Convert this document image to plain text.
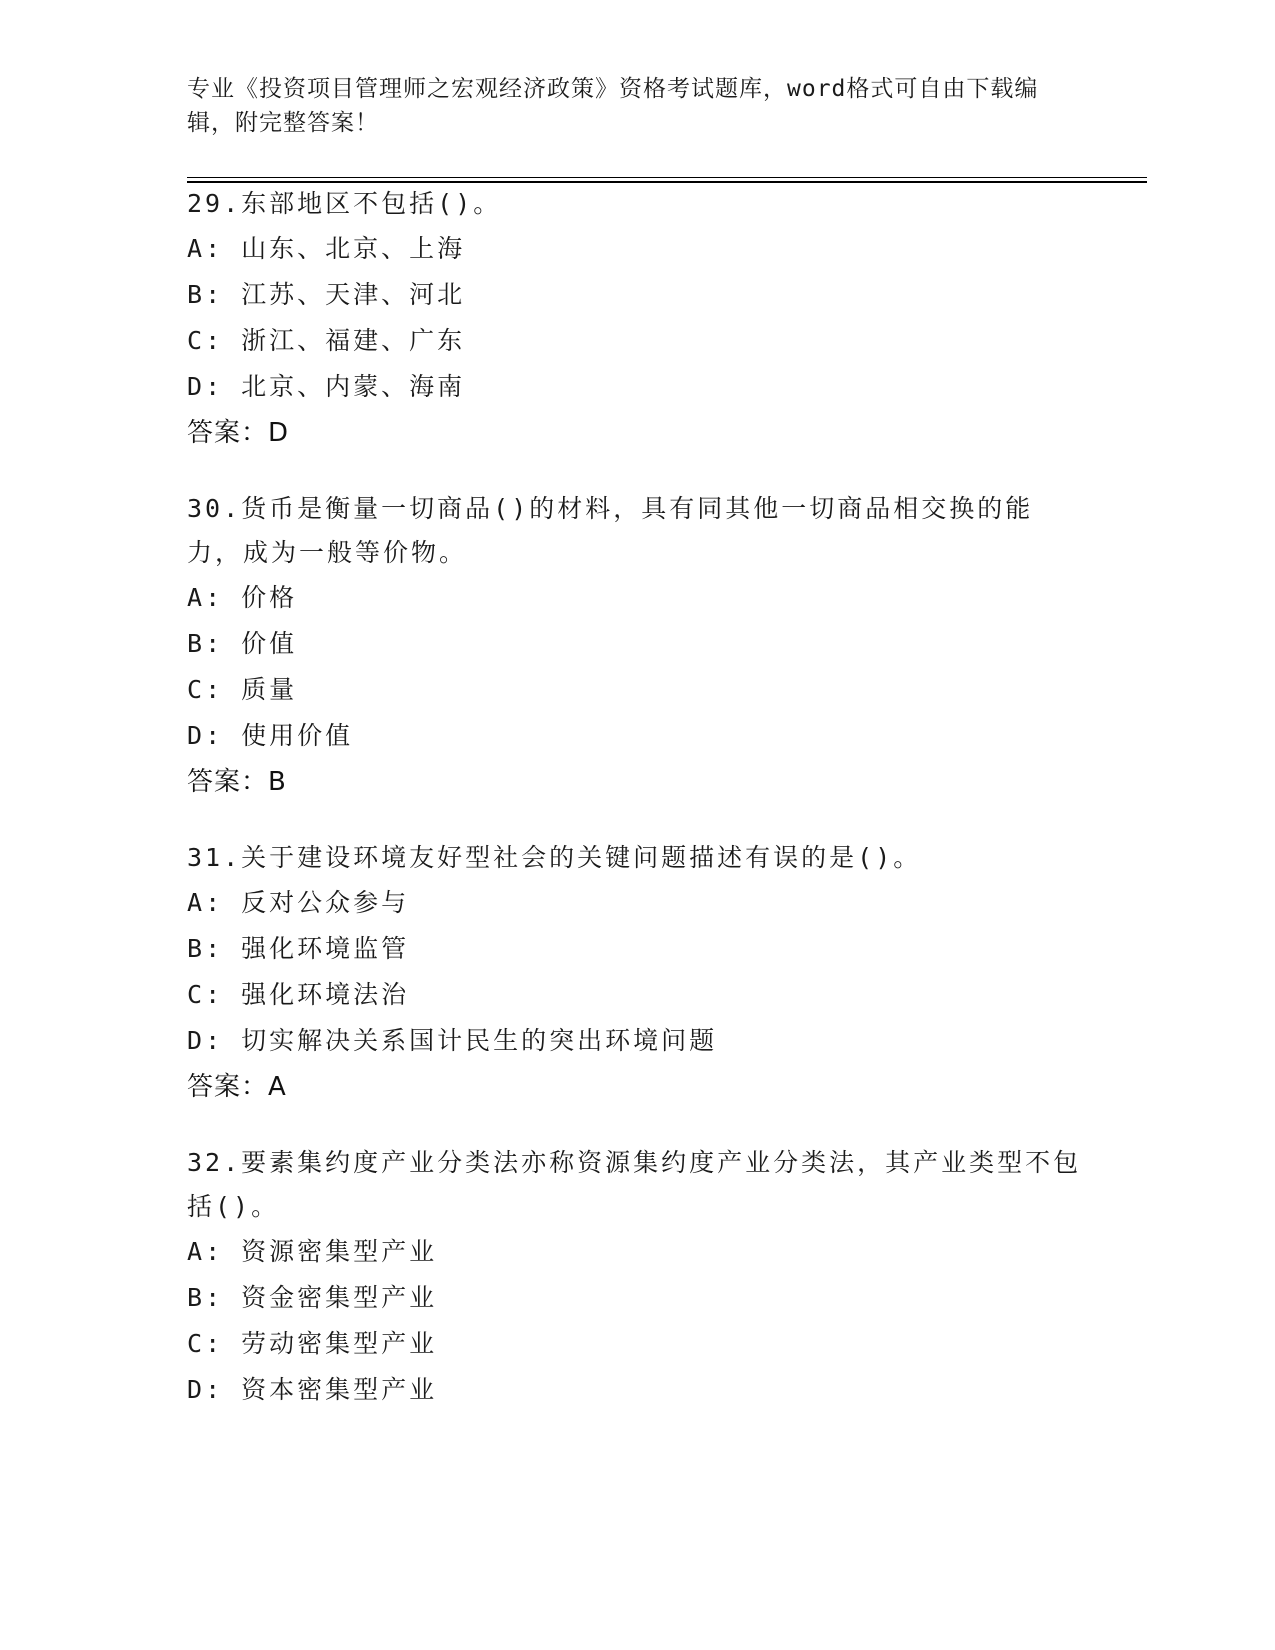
专业《投资项目管理师之宏观经济政策》资格考试题库，word格式可自由下载编
辑，附完整答案！
29.东部地区不包括()。
A: 山东、北京、上海
B: 江苏、天津、河北
C: 浙江、福建、广东
D: 北京、内蒙、海南
答案：D
30.货币是衡量一切商品()的材料，具有同其他一切商品相交换的能力，成为一般等价物。
A: 价格
B: 价值
C: 质量
D: 使用价值
答案：B
31.关于建设环境友好型社会的关键问题描述有误的是()。
A: 反对公众参与
B: 强化环境监管
C: 强化环境法治
D: 切实解决关系国计民生的突出环境问题
答案：A
32.要素集约度产业分类法亦称资源集约度产业分类法，其产业类型不包括()。
A: 资源密集型产业
B: 资金密集型产业
C: 劳动密集型产业
D: 资本密集型产业
